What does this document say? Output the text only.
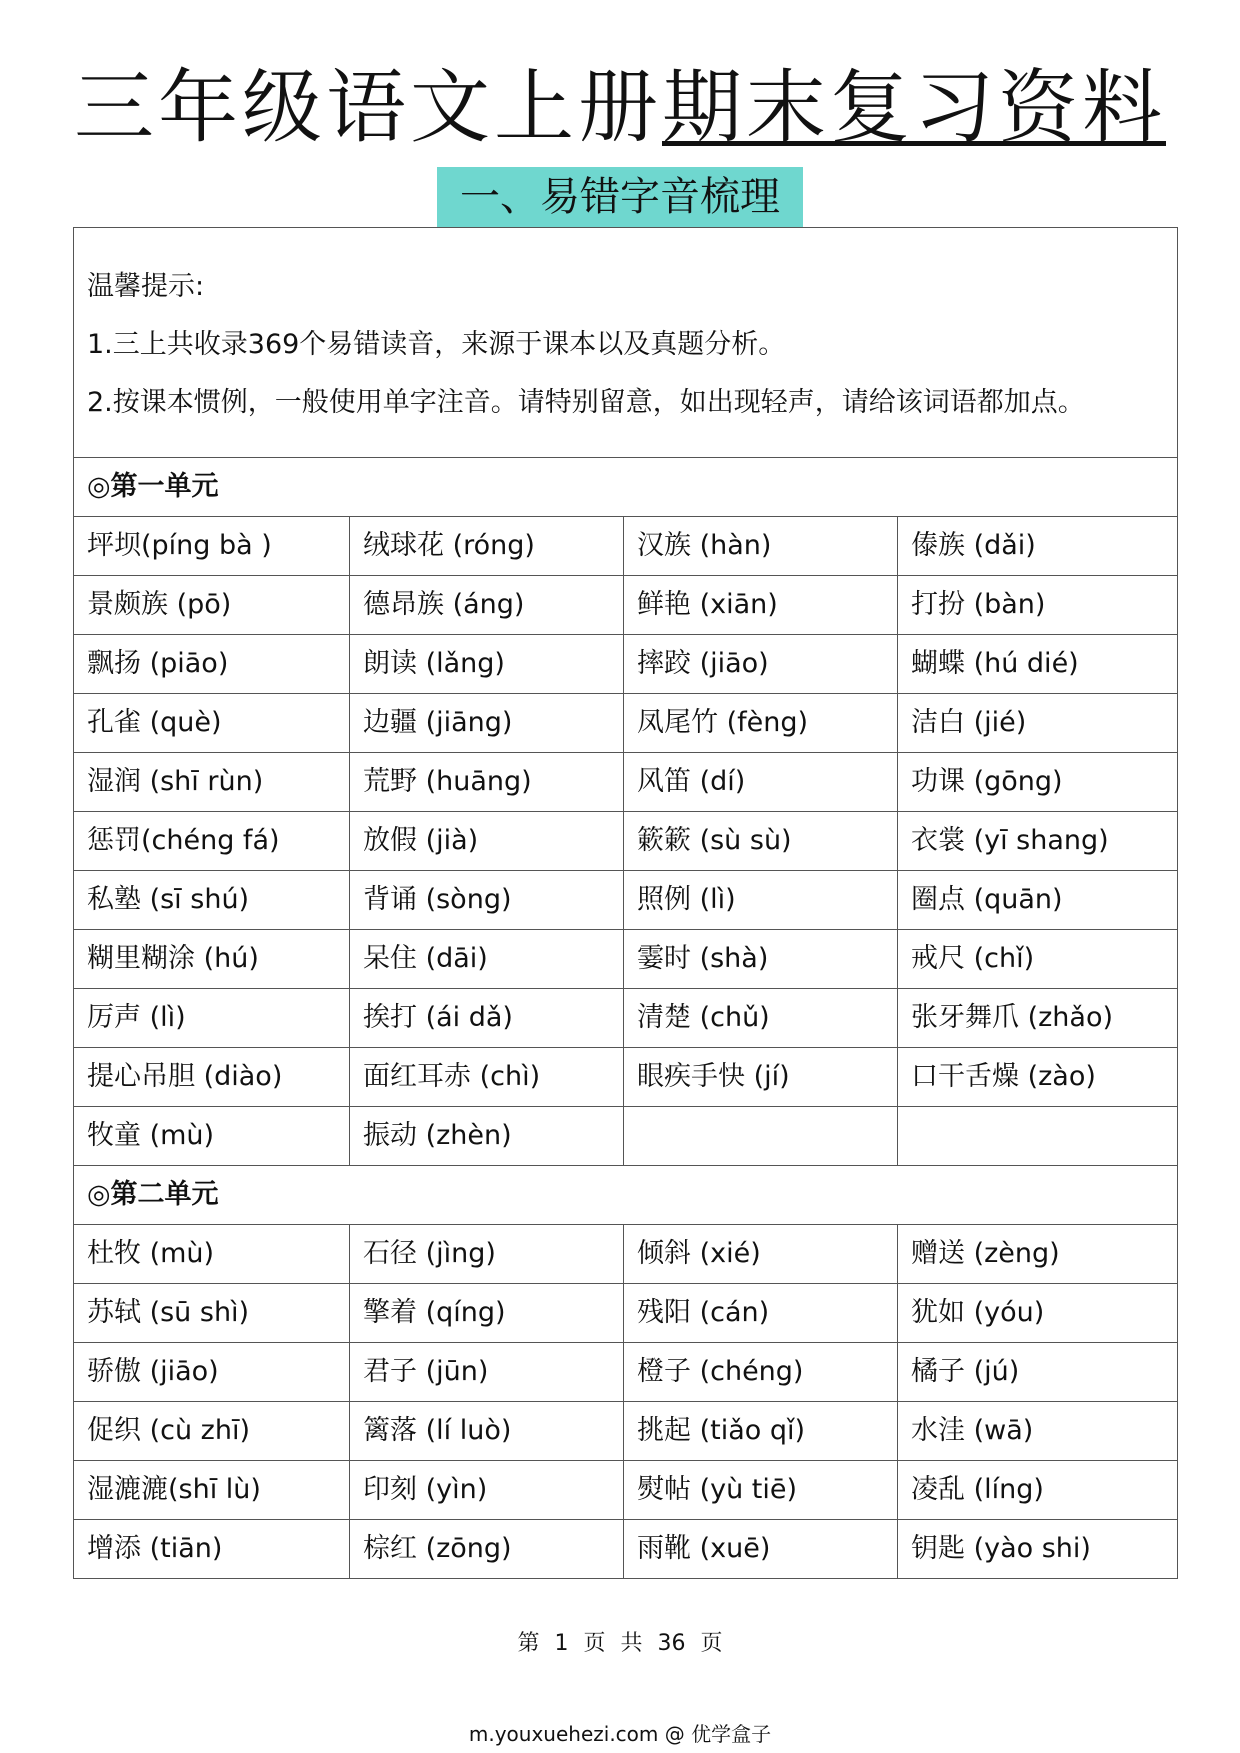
三年级语文上册期末复习资料
一、易错字音梳理
温馨提示:
1.三上共收录369个易错读音，来源于课本以及真题分析。
2.按课本惯例，一般使用单字注音。请特别留意，如出现轻声，请给该词语都加点。			

◎第一单元			
坪坝(píng bà )	绒球花 (róng)	汉族 (hàn)	傣族 (dǎi)
景颇族 (pō)	德昂族 (áng)	鲜艳 (xiān)	打扮 (bàn)
飘扬 (piāo)	朗读 (lǎng)	摔跤 (jiāo)	蝴蝶 (hú dié)
孔雀 (què)	边疆 (jiāng)	凤尾竹 (fèng)	洁白 (jié)
湿润 (shī rùn)	荒野 (huāng)	风笛 (dí)	功课 (gōng)
惩罚(chéng fá)	放假 (jià)	簌簌 (sù sù)	衣裳 (yī shang)
私塾 (sī shú)	背诵 (sòng)	照例 (lì)	圈点 (quān)
糊里糊涂 (hú)	呆住 (dāi)	霎时 (shà)	戒尺 (chǐ)
厉声 (lì)	挨打 (ái dǎ)	清楚 (chǔ)	张牙舞爪 (zhǎo)
提心吊胆 (diào)	面红耳赤 (chì)	眼疾手快 (jí)	口干舌燥 (zào)
牧童 (mù)	振动 (zhèn)		
◎第二单元			
杜牧 (mù)	石径 (jìng)	倾斜 (xié)	赠送 (zèng)
苏轼 (sū shì)	擎着 (qíng)	残阳 (cán)	犹如 (yóu)
骄傲 (jiāo)	君子 (jūn)	橙子 (chéng)	橘子 (jú)
促织 (cù zhī)	篱落 (lí luò)	挑起 (tiǎo qǐ)	水洼 (wā)
湿漉漉(shī lù)	印刻 (yìn)	熨帖 (yù tiē)	凌乱 (líng)
增添 (tiān)	棕红 (zōng)	雨靴 (xuē)	钥匙 (yào shi)
第 1 页 共 36 页
m.youxuehezi.com @ 优学盒子
